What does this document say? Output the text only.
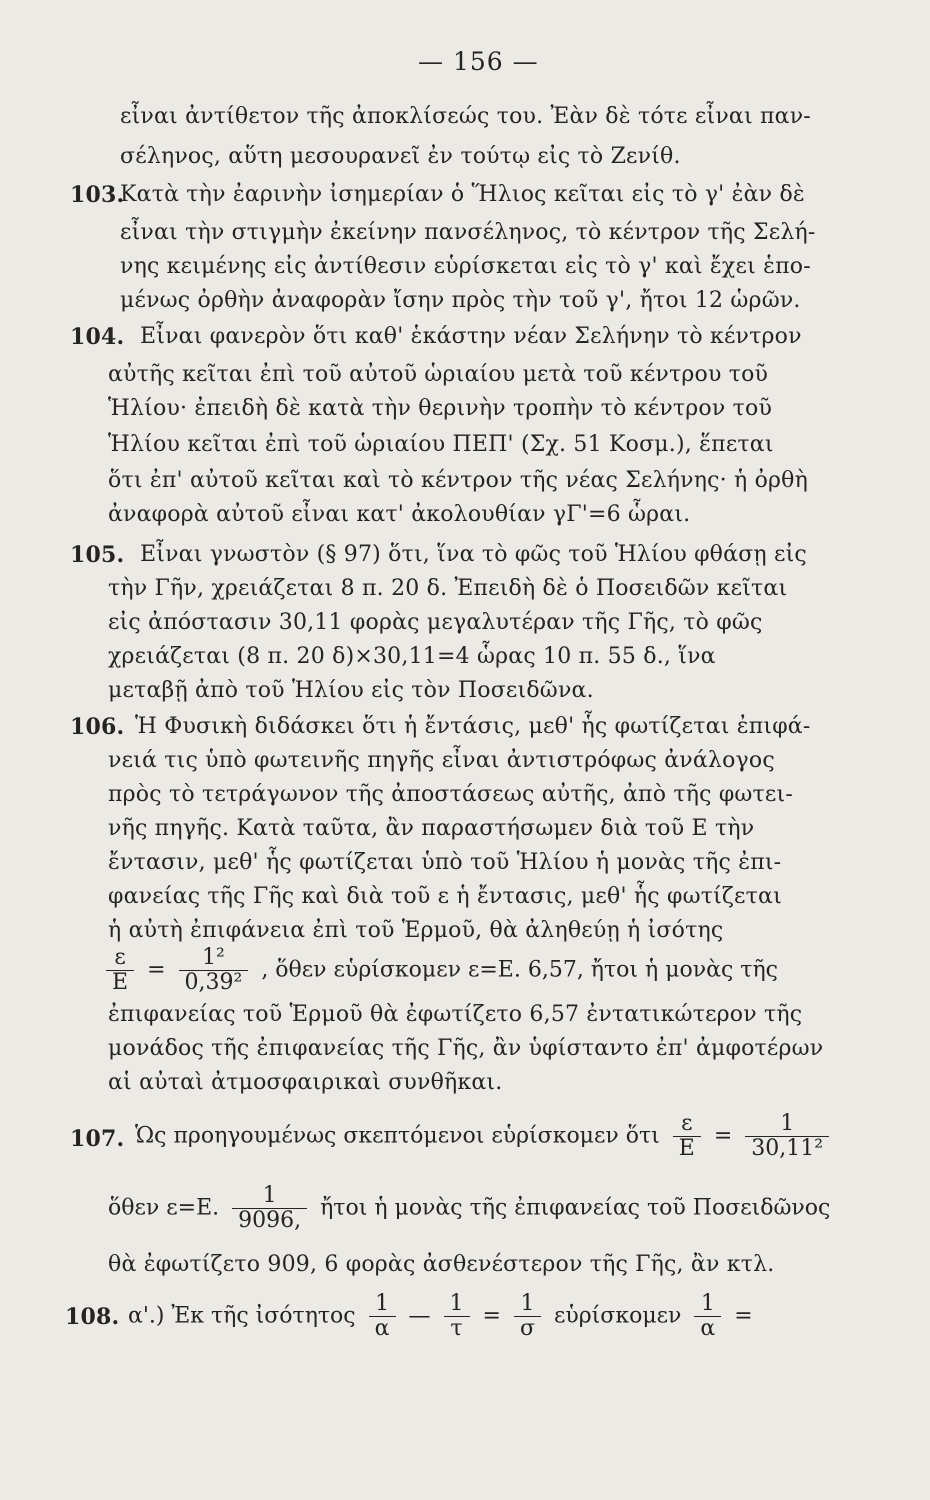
— 156 —
εἶναι ἀντίθετον τῆς ἀποκλίσεώς του. Ἐὰν δὲ τότε εἶναι παν-
σέληνος, αὕτη μεσουρανεῖ ἐν τούτῳ εἰς τὸ Ζενίθ.
103.
Κατὰ τὴν ἐαρινὴν ἰσημερίαν ὁ Ἥλιος κεῖται εἰς τὸ γ' ἐὰν δὲ
εἶναι τὴν στιγμὴν ἐκείνην πανσέληνος, τὸ κέντρον τῆς Σελή-
νης κειμένης εἰς ἀντίθεσιν εὑρίσκεται εἰς τὸ γ' καὶ ἔχει ἑπο-
μένως ὀρθὴν ἀναφορὰν ἴσην πρὸς τὴν τοῦ γ', ἤτοι 12 ὡρῶν.
104. Εἶναι φανερὸν ὅτι καθ' ἑκάστην νέαν Σελήνην τὸ κέντρον
αὐτῆς κεῖται ἐπὶ τοῦ αὐτοῦ ὡριαίου μετὰ τοῦ κέντρου τοῦ
Ἡλίου· ἐπειδὴ δὲ κατὰ τὴν θερινὴν τροπὴν τὸ κέντρον τοῦ
Ἡλίου κεῖται ἐπὶ τοῦ ὡριαίου ΠΕΠ' (Σχ. 51 Κοσμ.), ἕπεται
ὅτι ἐπ' αὐτοῦ κεῖται καὶ τὸ κέντρον τῆς νέας Σελήνης· ἡ ὀρθὴ
ἀναφορὰ αὐτοῦ εἶναι κατ' ἀκολουθίαν γΓ'=6 ὧραι.
105. Εἶναι γνωστὸν (§ 97) ὅτι, ἵνα τὸ φῶς τοῦ Ἡλίου φθάσῃ εἰς
τὴν Γῆν, χρειάζεται 8 π. 20 δ. Ἐπειδὴ δὲ ὁ Ποσειδῶν κεῖται
εἰς ἀπόστασιν 30,11 φορὰς μεγαλυτέραν τῆς Γῆς, τὸ φῶς
χρειάζεται (8 π. 20 δ)×30,11=4 ὧρας 10 π. 55 δ., ἵνα
μεταβῇ ἀπὸ τοῦ Ἡλίου εἰς τὸν Ποσειδῶνα.
106. Ἡ Φυσικὴ διδάσκει ὅτι ἡ ἔντάσις, μεθ' ἧς φωτίζεται ἐπιφά-
νειά τις ὑπὸ φωτεινῆς πηγῆς εἶναι ἀντιστρόφως ἀνάλογος
πρὸς τὸ τετράγωνον τῆς ἀποστάσεως αὐτῆς, ἀπὸ τῆς φωτει-
νῆς πηγῆς. Κατὰ ταῦτα, ἂν παραστήσωμεν διὰ τοῦ Ε τὴν
ἔντασιν, μεθ' ἧς φωτίζεται ὑπὸ τοῦ Ἡλίου ἡ μονὰς τῆς ἐπι-
φανείας τῆς Γῆς καὶ διὰ τοῦ ε ἡ ἔντασις, μεθ' ἧς φωτίζεται
ἡ αὐτὴ ἐπιφάνεια ἐπὶ τοῦ Ἑρμοῦ, θὰ ἀληθεύῃ ἡ ἰσότης
$\frac{\varepsilon}{E} = \frac{\text{1²}}{\text{0,39²}}$ , ὅθεν εὑρίσκομεν ε=Ε. 6,57, ἤτοι ἡ μονὰς τῆς
ἐπιφανείας τοῦ Ἑρμοῦ θὰ ἐφωτίζετο 6,57 ἐντατικώτερον τῆς
μονάδος τῆς ἐπιφανείας τῆς Γῆς, ἂν ὑφίσταντο ἐπ' ἀμφοτέρων
αἱ αὐταὶ ἀτμοσφαιρικαὶ συνθῆκαι.
107. Ὡς προηγουμένως σκεπτόμενοι εὑρίσκομεν ὅτι $\frac{\varepsilon}{E} = \frac{1}{\text{30,11²}}$
ὅθεν ε=Ε. $\frac{1}{9096,}$ ἤτοι ἡ μονὰς τῆς ἐπιφανείας τοῦ Ποσειδῶνος
θὰ ἐφωτίζετο 909, 6 φορὰς ἀσθενέστερον τῆς Γῆς, ἂν κτλ.
108. α'.) Ἐκ τῆς ἰσότητος $\frac{1}{\alpha}$ — $\frac{1}{\tau} = \frac{1}{\sigma}$ εὑρίσκομεν $\frac{1}{\alpha}$ =
